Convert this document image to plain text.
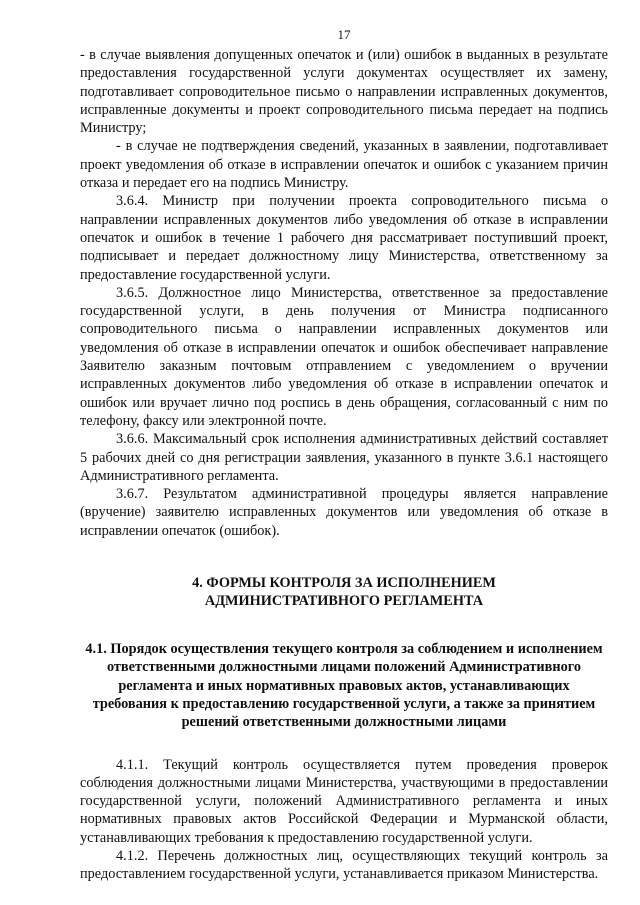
17

- в случае выявления допущенных опечаток и (или) ошибок в выданных в результате предоставления государственной услуги документах осуществляет их замену, подготавливает сопроводительное письмо о направлении исправленных документов, исправленные документы и проект сопроводительного письма передает на подпись Министру;

- в случае не подтверждения сведений, указанных в заявлении, подготавливает проект уведомления об отказе в исправлении опечаток и ошибок с указанием причин отказа и передает его на подпись Министру.

3.6.4. Министр при получении проекта сопроводительного письма о направлении исправленных документов либо уведомления об отказе в исправлении опечаток и ошибок в течение 1 рабочего дня рассматривает поступивший проект, подписывает и передает должностному лицу Министерства, ответственному за предоставление государственной услуги.

3.6.5. Должностное лицо Министерства, ответственное за предоставление государственной услуги, в день получения от Министра подписанного сопроводительного письма о направлении исправленных документов или уведомления об отказе в исправлении опечаток и ошибок обеспечивает направление Заявителю заказным почтовым отправлением с уведомлением о вручении исправленных документов либо уведомления об отказе в исправлении опечаток и ошибок или вручает лично под роспись в день обращения, согласованный с ним по телефону, факсу или электронной почте.

3.6.6. Максимальный срок исполнения административных действий составляет 5 рабочих дней со дня регистрации заявления, указанного в пункте 3.6.1 настоящего Административного регламента.

3.6.7. Результатом административной процедуры является направление (вручение) заявителю исправленных документов или уведомления об отказе в исправлении опечаток (ошибок).

4. ФОРМЫ КОНТРОЛЯ ЗА ИСПОЛНЕНИЕМ
АДМИНИСТРАТИВНОГО РЕГЛАМЕНТА
4.1. Порядок осуществления текущего контроля за соблюдением и исполнением ответственными должностными лицами положений Административного регламента и иных нормативных правовых актов, устанавливающих требования к предоставлению государственной услуги, а также за принятием решений ответственными должностными лицами

4.1.1. Текущий контроль осуществляется путем проведения проверок соблюдения должностными лицами Министерства, участвующими в предоставлении государственной услуги, положений Административного регламента и иных нормативных правовых актов Российской Федерации и Мурманской области, устанавливающих требования к предоставлению государственной услуги.

4.1.2. Перечень должностных лиц, осуществляющих текущий контроль за предоставлением государственной услуги, устанавливается приказом Министерства.
